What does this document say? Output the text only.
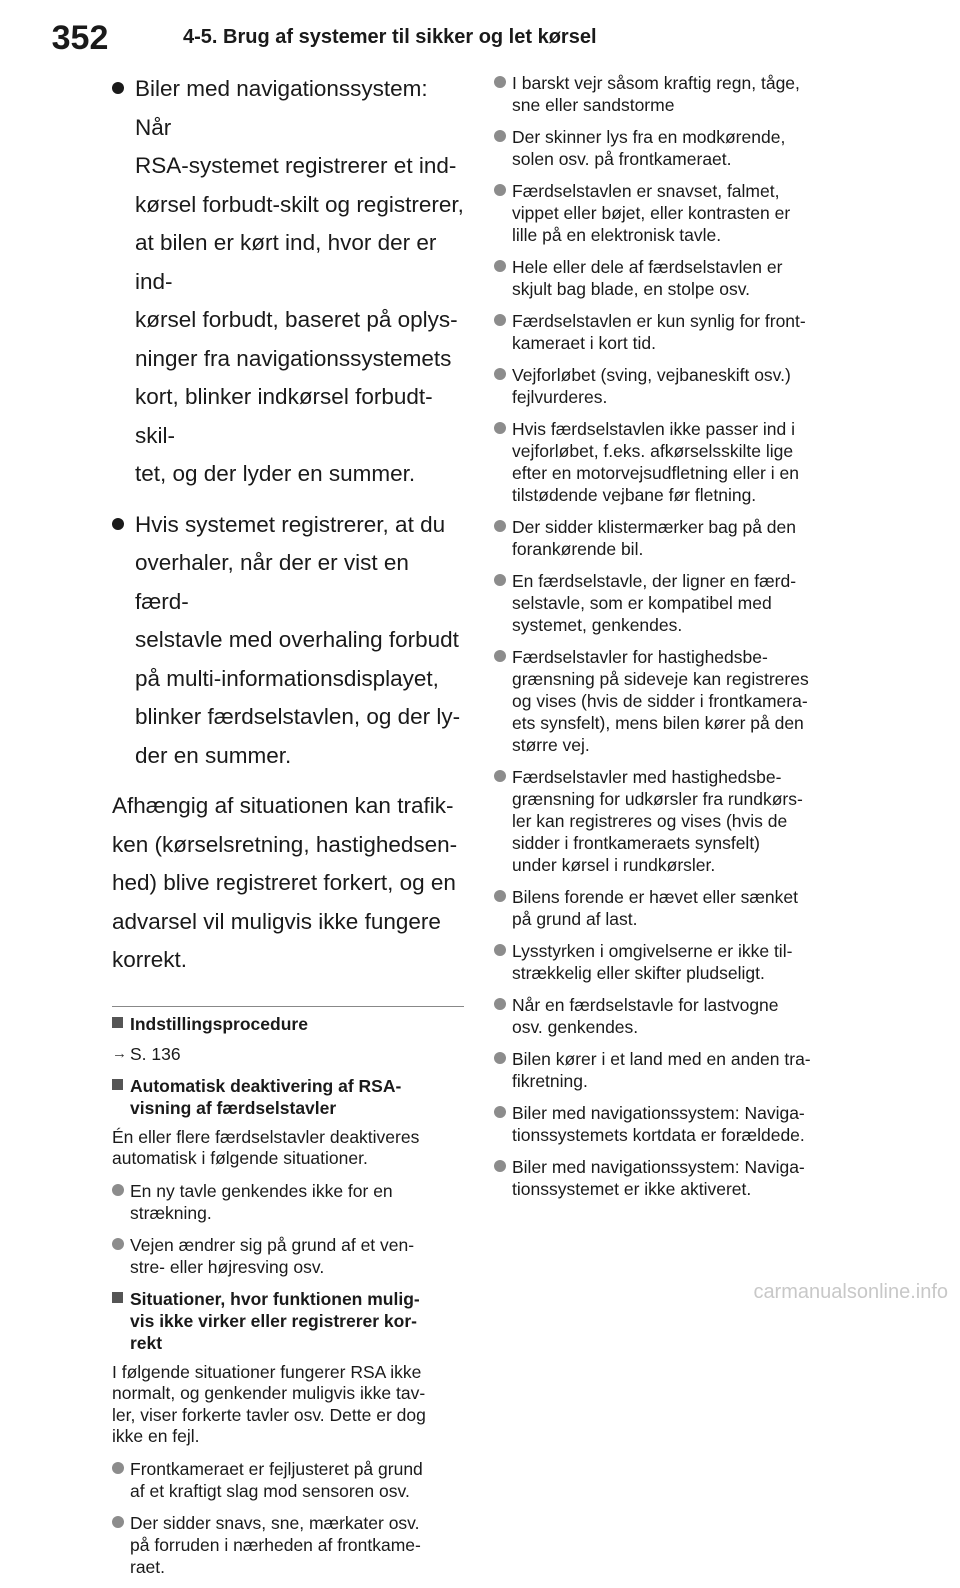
352	4-5. Brug af systemer til sikker og let kørsel
Biler med navigationssystem: Når
RSA-systemet registrerer et ind-
kørsel forbudt-skilt og registrerer,
at bilen er kørt ind, hvor der er ind-
kørsel forbudt, baseret på oplys-
ninger fra navigationssystemets
kort, blinker indkørsel forbudt-skil-
tet, og der lyder en summer.
Hvis systemet registrerer, at du
overhaler, når der er vist en færd-
selstavle med overhaling forbudt
på multi-informationsdisplayet,
blinker færdselstavlen, og der ly-
der en summer.
Afhængig af situationen kan trafik-
ken (kørselsretning, hastighedsen-
hed) blive registreret forkert, og en
advarsel vil muligvis ikke fungere
korrekt.
Indstillingsprocedure
→ S. 136
Automatisk deaktivering af RSA-
visning af færdselstavler
Én eller flere færdselstavler deaktiveres
automatisk i følgende situationer.
En ny tavle genkendes ikke for en
strækning.
Vejen ændrer sig på grund af et ven-
stre- eller højresving osv.
Situationer, hvor funktionen mulig-
vis ikke virker eller registrerer kor-
rekt
I følgende situationer fungerer RSA ikke
normalt, og genkender muligvis ikke tav-
ler, viser forkerte tavler osv. Dette er dog
ikke en fejl.
Frontkameraet er fejljusteret på grund
af et kraftigt slag mod sensoren osv.
Der sidder snavs, sne, mærkater osv.
på forruden i nærheden af frontkame-
raet.
I barskt vejr såsom kraftig regn, tåge,
sne eller sandstorme
Der skinner lys fra en modkørende,
solen osv. på frontkameraet.
Færdselstavlen er snavset, falmet,
vippet eller bøjet, eller kontrasten er
lille på en elektronisk tavle.
Hele eller dele af færdselstavlen er
skjult bag blade, en stolpe osv.
Færdselstavlen er kun synlig for front-
kameraet i kort tid.
Vejforløbet (sving, vejbaneskift osv.)
fejlvurderes.
Hvis færdselstavlen ikke passer ind i
vejforløbet, f.eks. afkørselsskilte lige
efter en motorvejsudfletning eller i en
tilstødende vejbane før fletning.
Der sidder klistermærker bag på den
forankørende bil.
En færdselstavle, der ligner en færd-
selstavle, som er kompatibel med
systemet, genkendes.
Færdselstavler for hastighedsbe-
grænsning på sideveje kan registreres
og vises (hvis de sidder i frontkamera-
ets synsfelt), mens bilen kører på den
større vej.
Færdselstavler med hastighedsbe-
grænsning for udkørsler fra rundkørs-
ler kan registreres og vises (hvis de
sidder i frontkameraets synsfelt)
under kørsel i rundkørsler.
Bilens forende er hævet eller sænket
på grund af last.
Lysstyrken i omgivelserne er ikke til-
strækkelig eller skifter pludseligt.
Når en færdselstavle for lastvogne
osv. genkendes.
Bilen kører i et land med en anden tra-
fikretning.
Biler med navigationssystem: Naviga-
tionssystemets kortdata er forældede.
Biler med navigationssystem: Naviga-
tionssystemet er ikke aktiveret.
carmanualsonline.info
